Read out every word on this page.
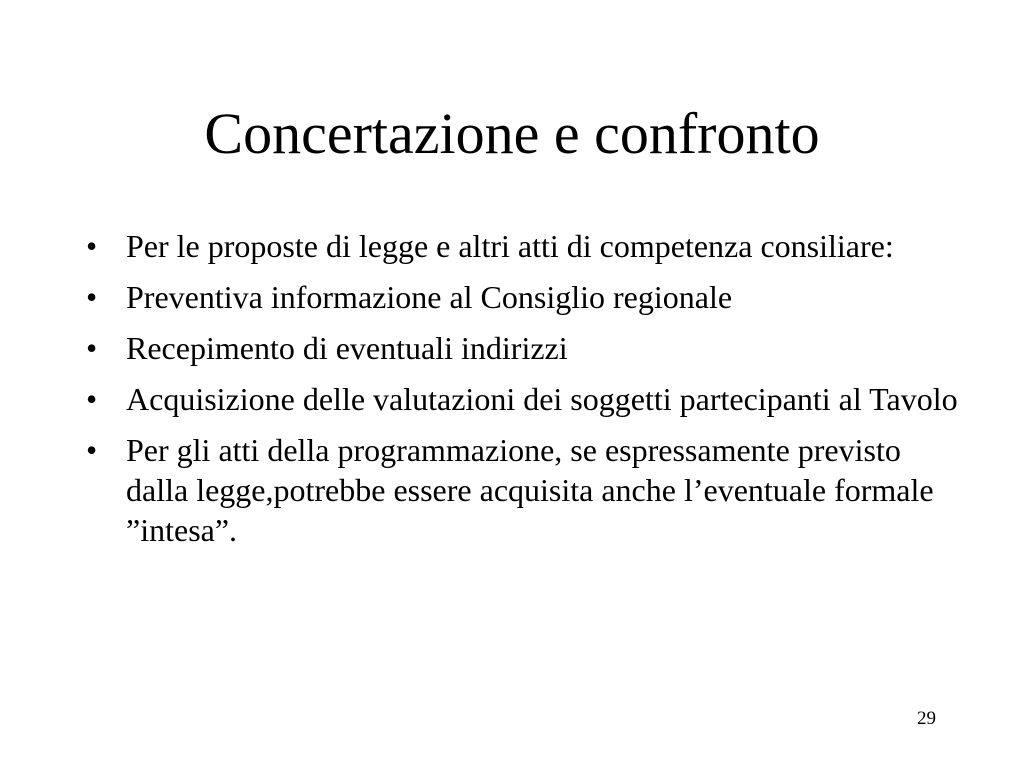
Concertazione e confronto
• Per le proposte di legge e altri atti di competenza consiliare:
• Preventiva informazione al Consiglio regionale
• Recepimento di eventuali indirizzi
• Acquisizione delle valutazioni dei soggetti partecipanti al Tavolo
• Per gli atti della programmazione, se espressamente previsto dalla legge,potrebbe essere acquisita anche l’eventuale formale ”intesa”.
29
